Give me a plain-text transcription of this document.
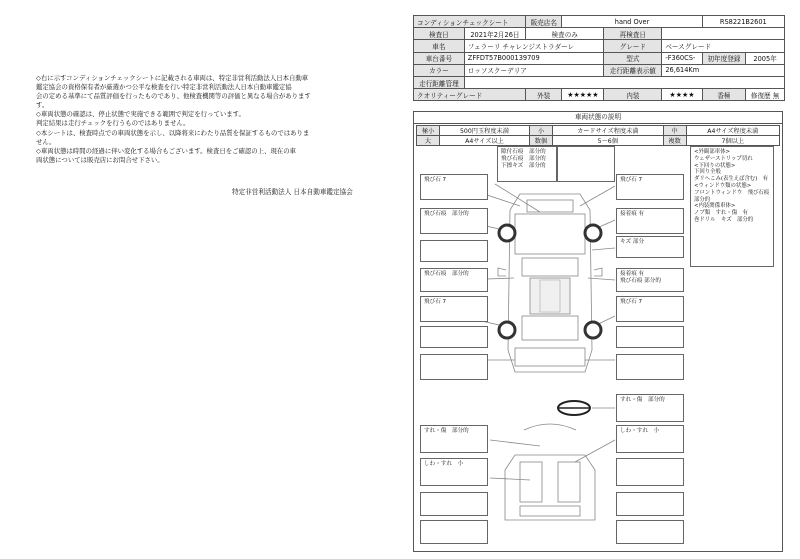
◇右に示すコンディションチェックシートに記載される車両は、特定非営利活動法人日本自動車

鑑定協会の資格保有者が厳選かつ公平な検査を行い特定非営利活動法人日本自動車鑑定協

会の定める基準にて品質評価を行ったものであり、他検査機関等の評価と異なる場合があります

す。

◇車両状態の確認は、停止状態で実施できる範囲で判定を行っています。

判定結果は走行チェックを行うものではありません。

◇本シートは、検査時点での車両状態を示し、以降将来にわたり品質を保証するものではありま

せん。

◇車両状態は時間の経過に伴い変化する場合もございます。検査日をご確認の上、現在の車

両状態については販売店にお問合せ下さい。

特定非営利活動法人 日本自動車鑑定協会
コンディションチェックシート		販売店名	hand Over			RS8221B2601	
検査日	2021年2月26日	検査のみ		再検査日			
車名	フェラーリ チャレンジストラダーレ			グレード	ベースグレード		
車台番号	ZFFDT57B000139709			型式	-F360CS-	初年度登録	2005年
カラー	ロッソスクーデリア			走行距離表示値	26,614Km		
走行距離管理							
クオリティーグレード		外装	★★★★★	内装	★★★★	香極	修復歴 無
車両状態の説明
極小	500円玉程度未満	小	カードサイズ程度未満	中	A4サイズ程度未満
大	A4サイズ以上	数個	5～6個	複数	7個以上
隙付石痕　部分的
飛び石痕　部分的
下擦キズ　部分的
飛び石 7
飛び石痕　部分的
飛び石痕　部分的
飛び石 7
飛び石 7
接着痕 有
キズ 部分
接着痕 有
飛び石痕 部分的
飛び石 7
すれ・傷　部分的
すれ・傷　部分的	しわ・すれ　小
しわ・すれ　小

<外観部車体>

ウェザーストリップ切れ

<下回りの状態>

下回り全般

ダリヘこみ(表生えば含む)　有

<ウィンドウ類の状態>

フロントウィンドウ　飛び石痕

部分的

<内装関係車体>

ノブ類　すれ・傷　有

巻ドリル　キズ　部分的
